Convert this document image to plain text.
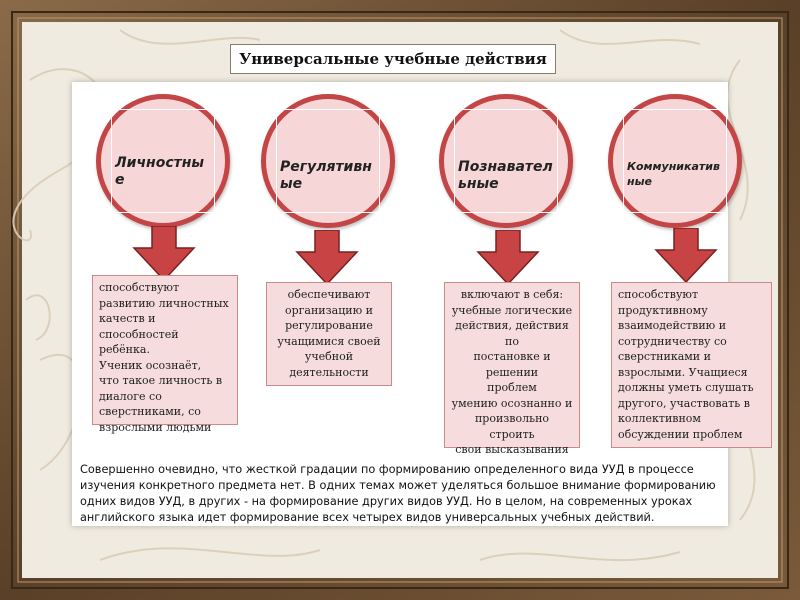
Универсальные учебные действия
Личностные
Регулятивные
Познавательные
Коммуникативные
способствуют
развитию личностных
качеств и
способностей ребёнка.
Ученик осознаёт,
что такое личность в
диалоге со
сверстниками, со
взрослыми людьми
обеспечивают
организацию и
регулирование
учащимися своей
учебной
деятельности
включают в себя:
учебные логические
действия, действия по
постановке и решении
проблем
умению осознанно и
произвольно строить
свои высказывания
способствуют
продуктивному
взаимодействию и
сотрудничеству со
сверстниками и
взрослыми. Учащиеся
должны уметь слушать
другого, участвовать в
коллективном
обсуждении проблем
Совершенно очевидно, что жесткой градации по формированию определенного вида УУД в процессе изучения конкретного предмета нет. В одних темах может уделяться большое внимание формированию одних видов УУД, в других - на формирование других видов УУД. Но в целом, на современных уроках английского языка идет формирование всех четырех видов универсальных учебных действий.
